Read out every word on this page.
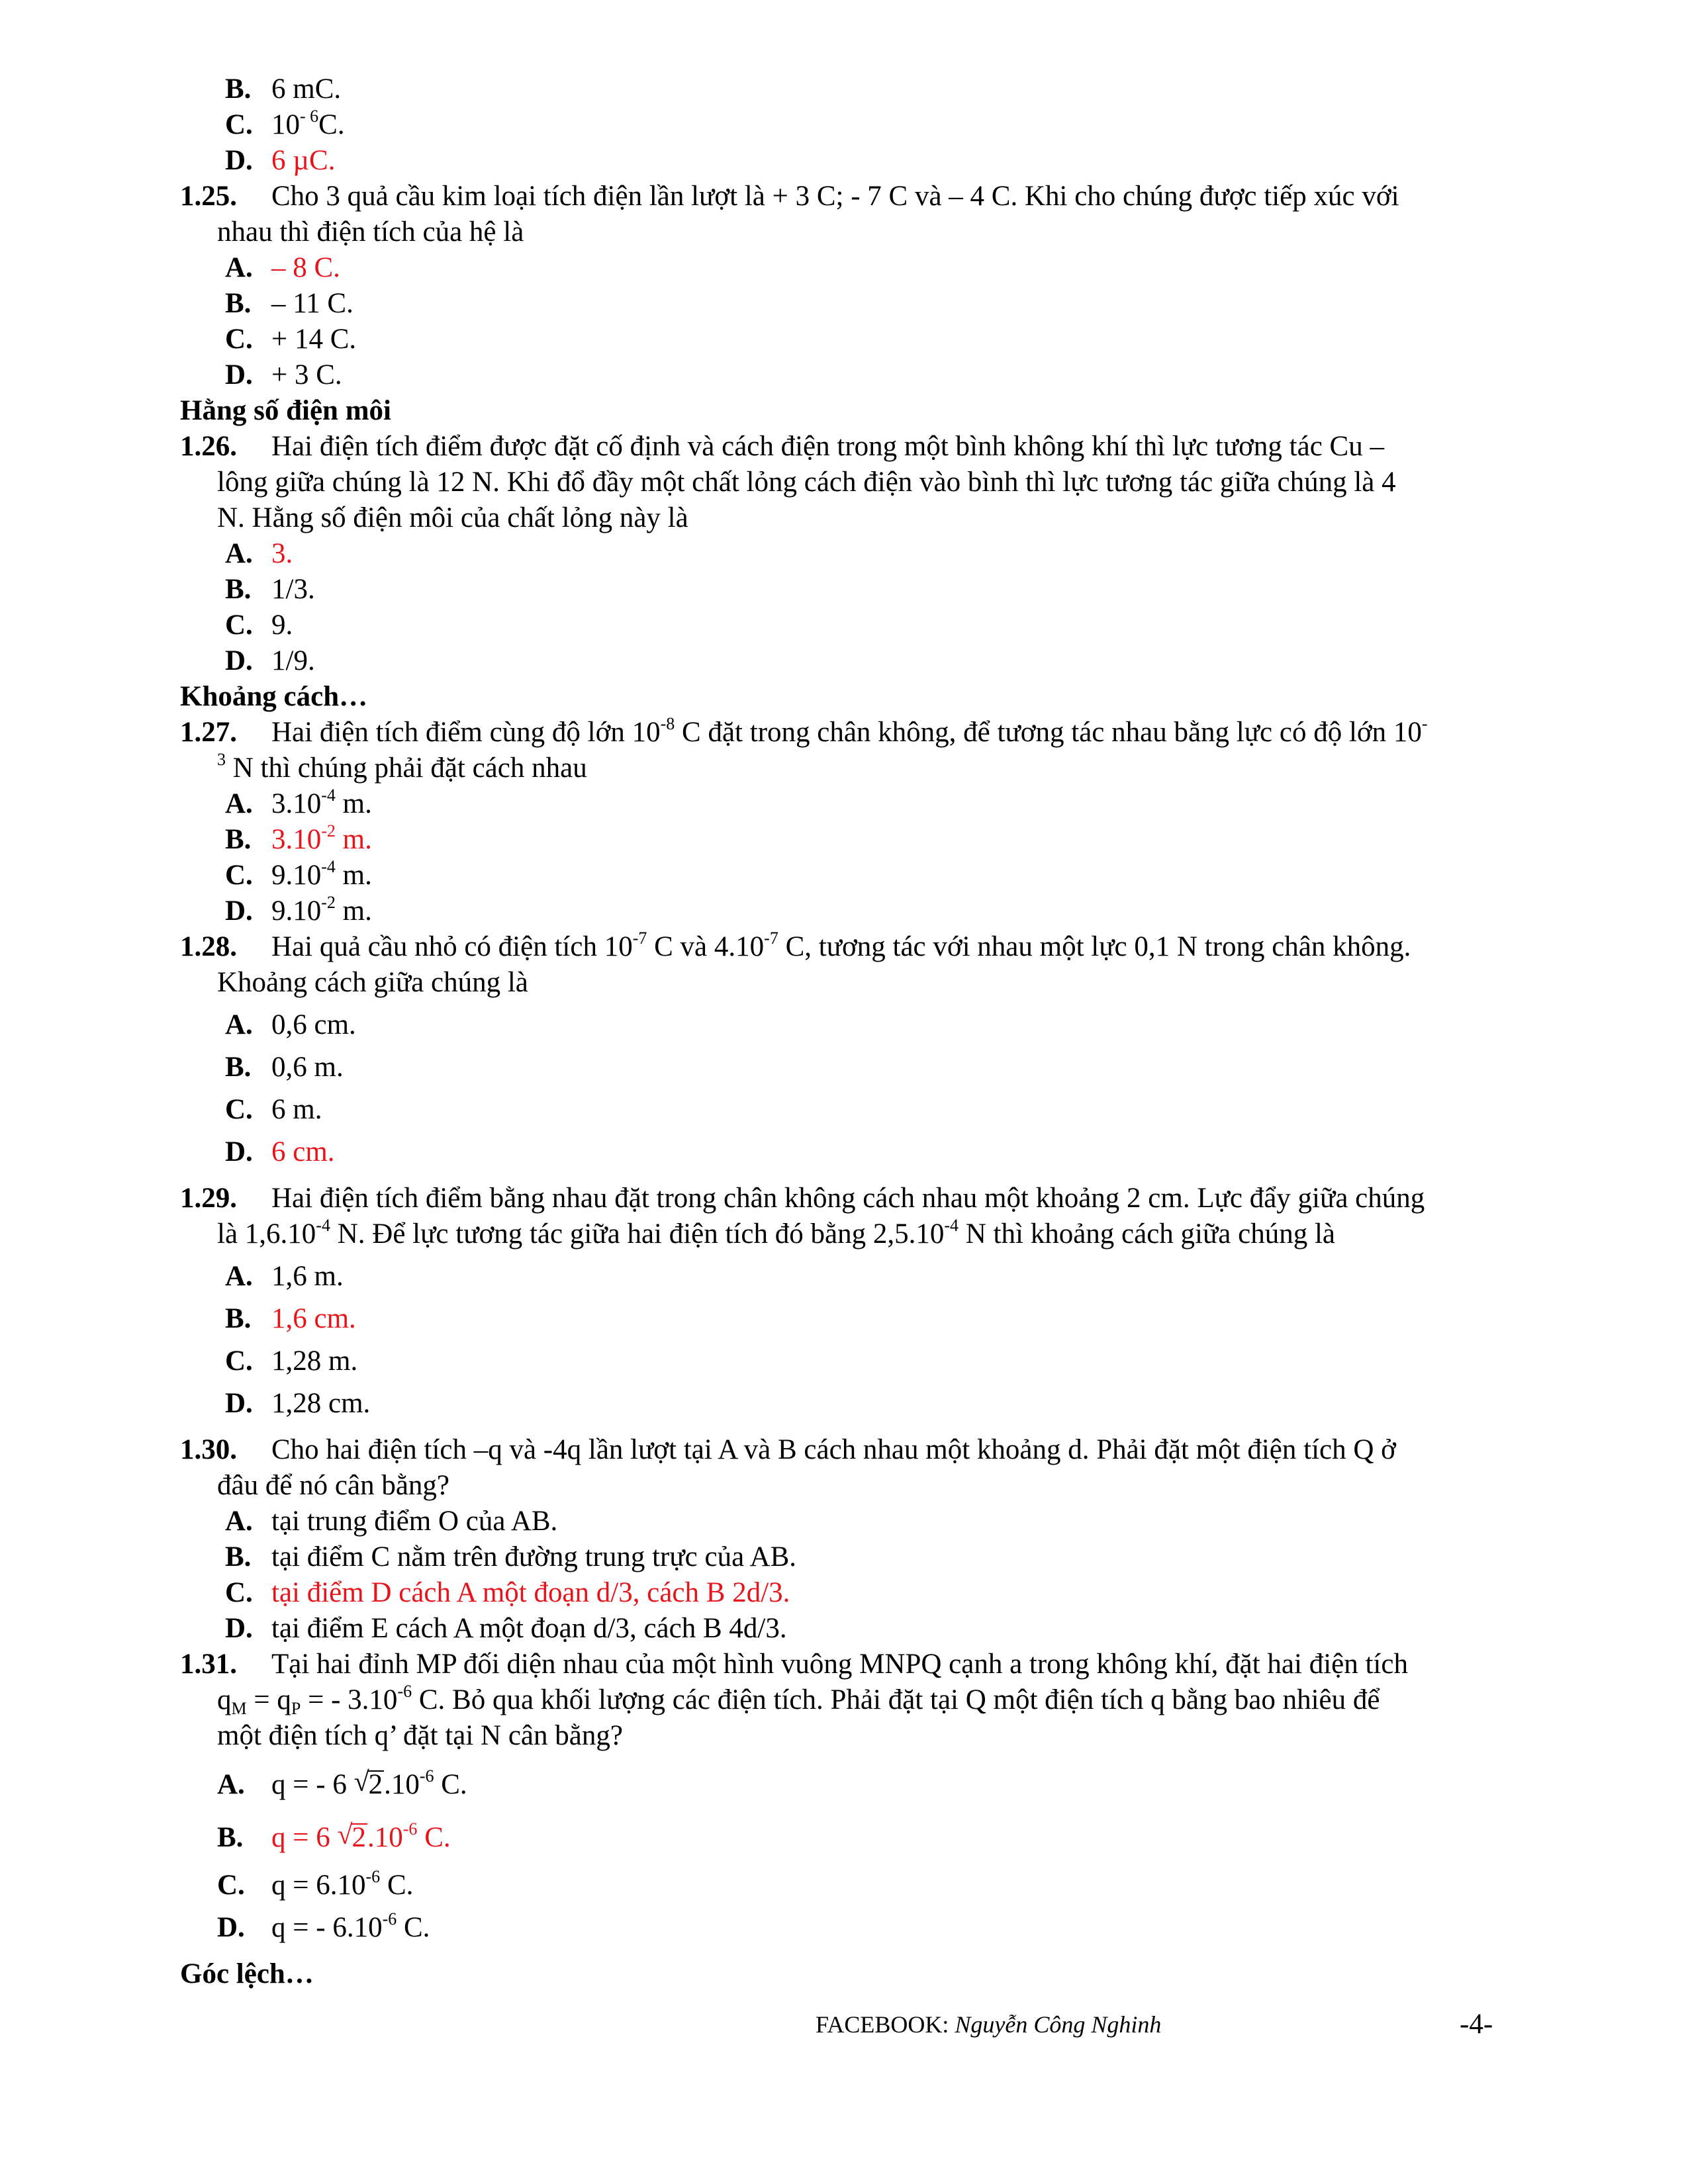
B. 6 mC.
C. $10^{- 6}C$.
D. 6 µC.
1.25. Cho 3 quả cầu kim loại tích điện lần lượt là + 3 C; - 7 C và – 4 C. Khi cho chúng được tiếp xúc với
nhau thì điện tích của hệ là
A. – 8 C.
B. – 11 C.
C. + 14 C.
D. + 3 C.
Hằng số điện môi
1.26. Hai điện tích điểm được đặt cố định và cách điện trong một bình không khí thì lực tương tác Cu –
lông giữa chúng là 12 N. Khi đổ đầy một chất lỏng cách điện vào bình thì lực tương tác giữa chúng là 4
N. Hằng số điện môi của chất lỏng này là
A. 3.
B. 1/3.
C. 9.
D. 1/9.
Khoảng cách…
1.27. Hai điện tích điểm cùng độ lớn $10^{-8}$ C đặt trong chân không, để tương tác nhau bằng lực có độ lớn 10-
$^3$ N thì chúng phải đặt cách nhau
A. $3.10^{-4}$ m.
B. $3.10^{-2}$ m.
C. $9.10^{-4}$ m.
D. $9.10^{-2}$ m.
1.28. Hai quả cầu nhỏ có điện tích $10^{-7}$ C và $4.10^{-7}$ C, tương tác với nhau một lực 0,1 N trong chân không.
Khoảng cách giữa chúng là
A. 0,6 cm.
B. 0,6 m.
C. 6 m.
D. 6 cm.
1.29. Hai điện tích điểm bằng nhau đặt trong chân không cách nhau một khoảng 2 cm. Lực đẩy giữa chúng
là $1,6.10^{-4}$ N. Để lực tương tác giữa hai điện tích đó bằng $2,5.10^{-4}$ N thì khoảng cách giữa chúng là
A. 1,6 m.
B. 1,6 cm.
C. 1,28 m.
D. 1,28 cm.
1.30. Cho hai điện tích –q và -4q lần lượt tại A và B cách nhau một khoảng d. Phải đặt một điện tích Q ở
đâu để nó cân bằng?
A. tại trung điểm O của AB.
B. tại điểm C nằm trên đường trung trực của AB.
C. tại điểm D cách A một đoạn d/3, cách B 2d/3.
D. tại điểm E cách A một đoạn d/3, cách B 4d/3.
1.31. Tại hai đỉnh MP đối diện nhau của một hình vuông MNPQ cạnh a trong không khí, đặt hai điện tích
$q_M = q_P$ = - $3.10^{-6}$ C. Bỏ qua khối lượng các điện tích. Phải đặt tại Q một điện tích q bằng bao nhiêu để
một điện tích q’ đặt tại N cân bằng?
A. q = - 6 √
$2.10^{-6}$ C.
B. q = 6 √
$2.10^{-6}$ C.
C. $q = 6.10^{-6}$ C.
D. q = - $6.10^{-6}$ C.
Góc lệch…
FACEBOOK: Nguyễn Công Nghinh	-4-
